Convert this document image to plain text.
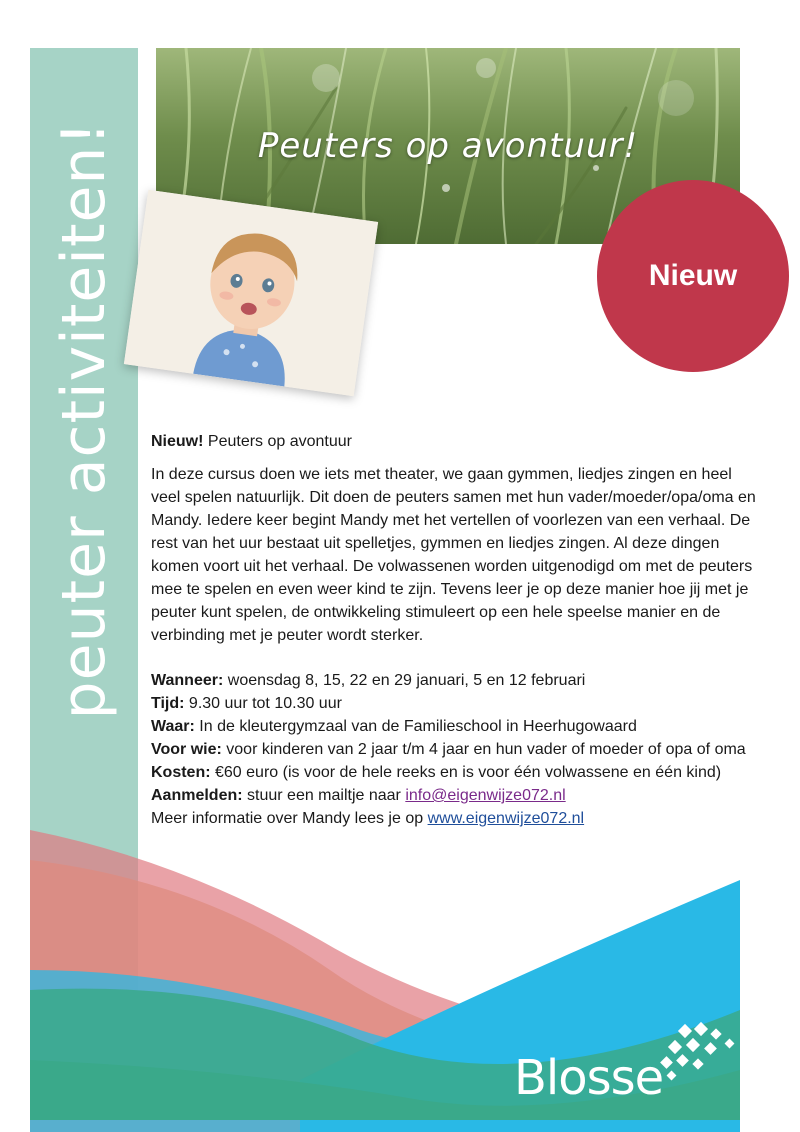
peuter activiteiten!	Peuters op avontuur!
Nieuw

Nieuw! Peuters op avontuur

In deze cursus doen we iets met theater, we gaan gymmen, liedjes zingen en heel veel spelen natuurlijk. Dit doen de peuters samen met hun vader/moeder/opa/oma en Mandy. Iedere keer begint Mandy met het vertellen of voorlezen van een verhaal. De rest van het uur bestaat uit spelletjes, gymmen en liedjes zingen. Al deze dingen komen voort uit het verhaal. De volwassenen worden uitgenodigd om met de peuters mee te spelen en even weer kind te zijn. Tevens leer je op deze manier hoe jij met je peuter kunt spelen, de ontwikkeling stimuleert op een hele speelse manier en de verbinding met je peuter wordt sterker.

Wanneer: woensdag 8, 15, 22 en 29 januari, 5 en 12 februari

Tijd: 9.30 uur tot 10.30 uur

Waar: In de kleutergymzaal van de Familieschool in Heerhugowaard

Voor wie: voor kinderen van 2 jaar t/m 4 jaar en hun vader of moeder of opa of oma

Kosten: €60 euro (is voor de hele reeks en is voor één volwassene en één kind)

Aanmelden: stuur een mailtje naar info@eigenwijze072.nl

Meer informatie over Mandy lees je op www.eigenwijze072.nl

Blosse
